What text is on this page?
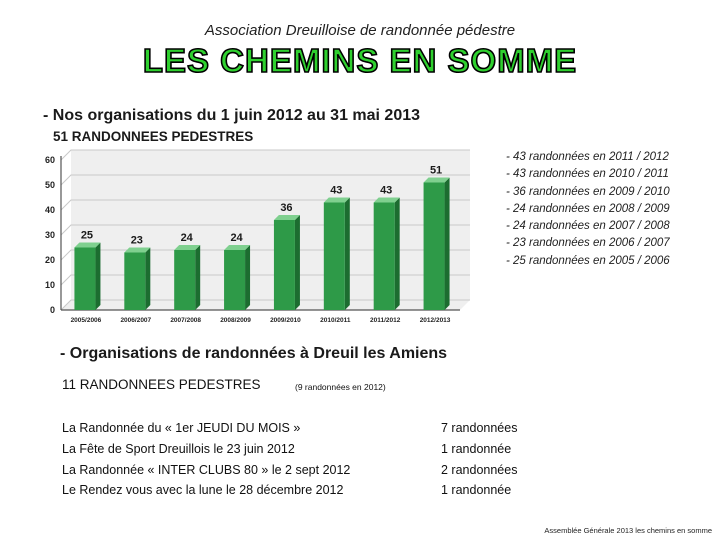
Association Dreuilloise de randonnée pédestre
LES CHEMINS EN SOMME
- Nos organisations du 1 juin 2012 au 31 mai 2013
51 RANDONNEES PEDESTRES
0
10
20
30
40
50
60
25
2005/2006
23
2006/2007
24
2007/2008
24
2008/2009
36
2009/2010
43
2010/2011
43
2011/2012
51
2012/2013
- 43 randonnées en 2011 / 2012
- 43 randonnées en 2010 / 2011
- 36 randonnées en 2009 / 2010
- 24 randonnées en 2008 / 2009
- 24 randonnées en 2007 / 2008
- 23 randonnées en 2006 / 2007
- 25 randonnées en 2005 / 2006
- Organisations de randonnées à Dreuil les Amiens
11 RANDONNEES PEDESTRES	(9 randonnées en 2012)
La Randonnée du « 1er JEUDI DU MOIS »
La Fête de Sport Dreuillois le 23 juin 2012
La Randonnée « INTER CLUBS 80 » le 2 sept 2012
Le Rendez vous avec la lune le 28 décembre 2012
7 randonnées
1 randonnée
2 randonnées
1 randonnée
Assemblée Générale 2013 les chemins en somme
